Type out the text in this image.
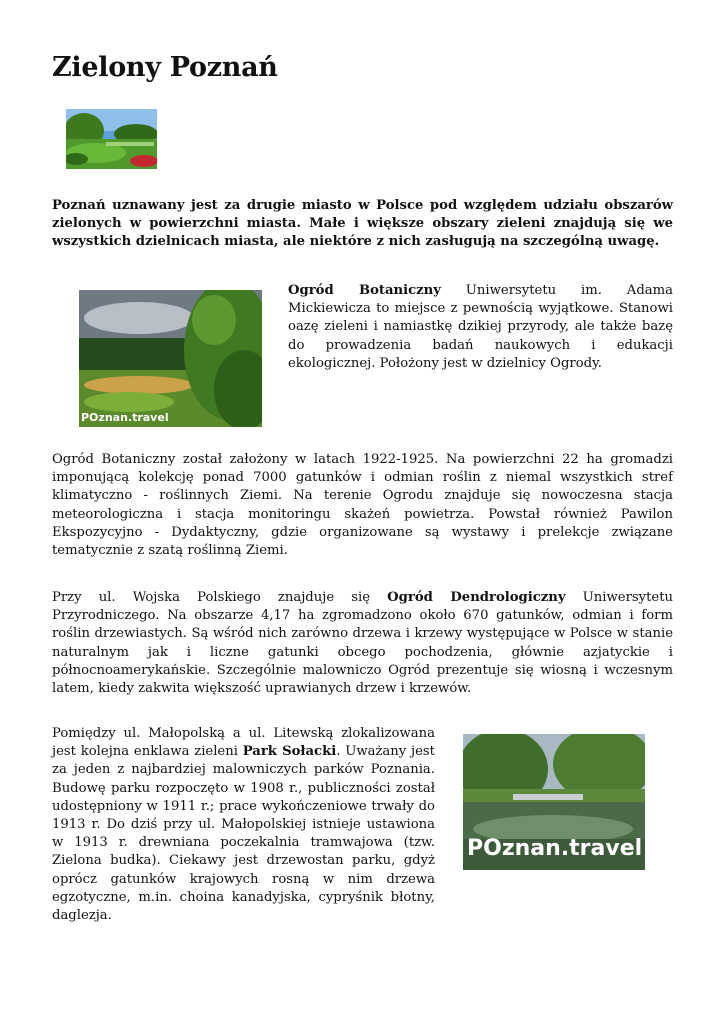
Zielony Poznań
Poznań uznawany jest za drugie miasto w Polsce pod względem udziału obszarów zielonych w powierzchni miasta. Małe i większe obszary zieleni znajdują się we wszystkich dzielnicach miasta, ale niektóre z nich zasługują na szczególną uwagę.
POznan.travel
Ogród Botaniczny Uniwersytetu im. Adama Mickiewicza to miejsce z pewnością wyjątkowe. Stanowi oazę zieleni i namiastkę dzikiej przyrody, ale także bazę do prowadzenia badań naukowych i edukacji ekologicznej. Położony jest w dzielnicy Ogrody.
Ogród Botaniczny został założony w latach 1922-1925. Na powierzchni 22 ha gromadzi imponującą kolekcję ponad 7000 gatunków i odmian roślin z niemal wszystkich stref klimatyczno - roślinnych Ziemi. Na terenie Ogrodu znajduje się nowoczesna stacja meteorologiczna i stacja monitoringu skażeń powietrza. Powstał również Pawilon Ekspozycyjno - Dydaktyczny, gdzie organizowane są wystawy i prelekcje związane tematycznie z szatą roślinną Ziemi.
Przy ul. Wojska Polskiego znajduje się Ogród Dendrologiczny Uniwersytetu Przyrodniczego. Na obszarze 4,17 ha zgromadzono około 670 gatunków, odmian i form roślin drzewiastych. Są wśród nich zarówno drzewa i krzewy występujące w Polsce w stanie naturalnym jak i liczne gatunki obcego pochodzenia, głównie azjatyckie i północnoamerykańskie. Szczególnie malowniczo Ogród prezentuje się wiosną i wczesnym latem, kiedy zakwita większość uprawianych drzew i krzewów.
Pomiędzy ul. Małopolską a ul. Litewską zlokalizowana jest kolejna enklawa zieleni Park Sołacki. Uważany jest za jeden z najbardziej malowniczych parków Poznania. Budowę parku rozpoczęto w 1908 r., publiczności został udostępniony w 1911 r.; prace wykończeniowe trwały do 1913 r. Do dziś przy ul. Małopolskiej istnieje ustawiona w 1913 r. drewniana poczekalnia tramwajowa (tzw. Zielona budka). Ciekawy jest drzewostan parku, gdyż oprócz gatunków krajowych rosną w nim drzewa egzotyczne, m.in. choina kanadyjska, cypryśnik błotny, daglezja.
POznan.travel
